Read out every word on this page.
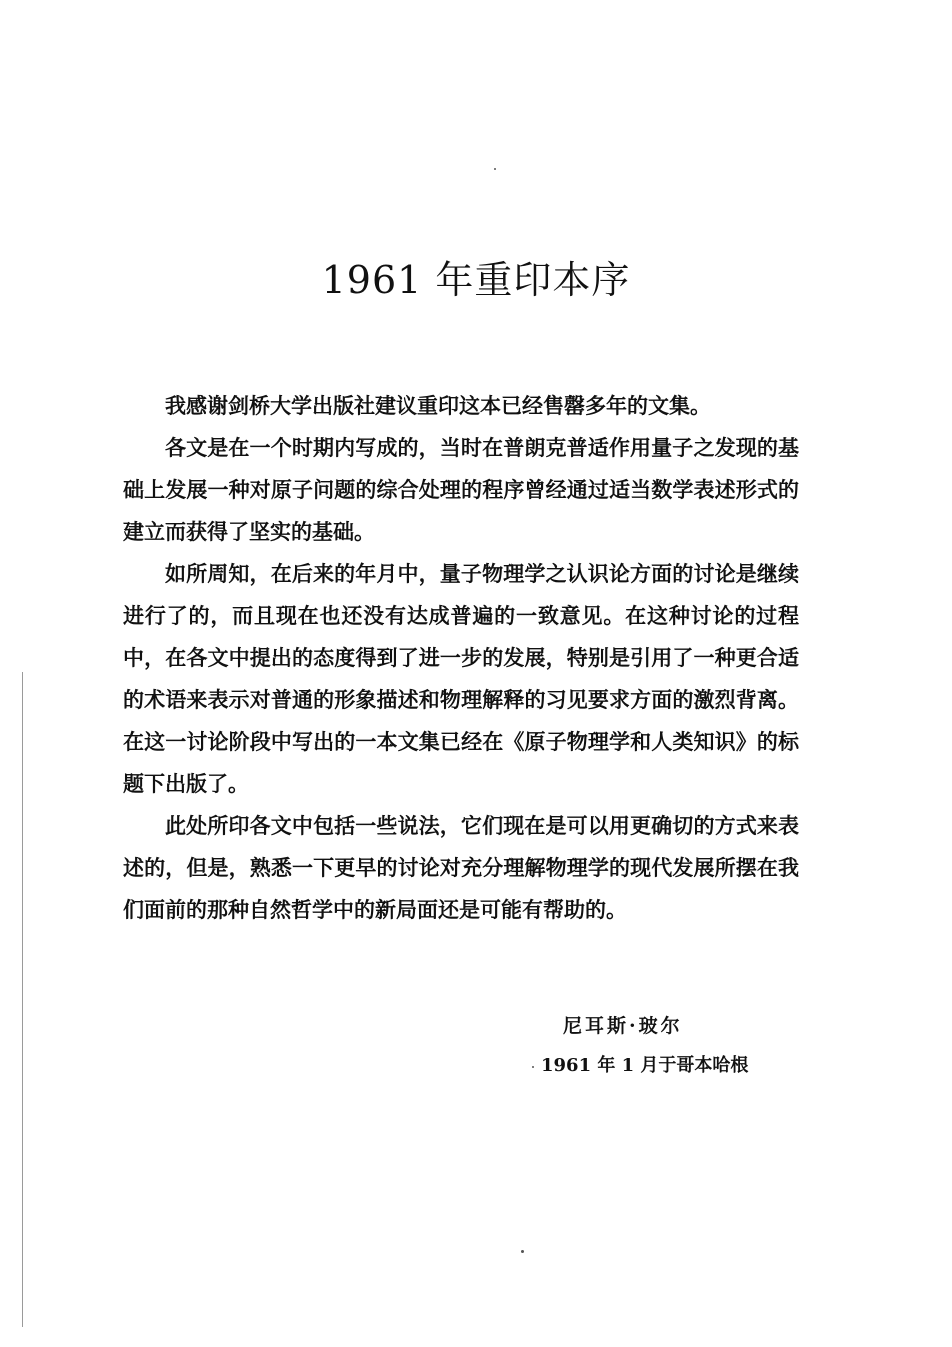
1961 年重印本序

我感谢剑桥大学出版社建议重印这本已经售罄多年的文集。

各文是在一个时期内写成的，当时在普朗克普适作用量子之发现的基础上发展一种对原子问题的综合处理的程序曾经通过适当数学表述形式的建立而获得了坚实的基础。

如所周知，在后来的年月中，量子物理学之认识论方面的讨论是继续进行了的，而且现在也还没有达成普遍的一致意见。在这种讨论的过程中，在各文中提出的态度得到了进一步的发展，特别是引用了一种更合适的术语来表示对普通的形象描述和物理解释的习见要求方面的激烈背离。在这一讨论阶段中写出的一本文集已经在《原子物理学和人类知识》的标题下出版了。

此处所印各文中包括一些说法，它们现在是可以用更确切的方式来表述的，但是，熟悉一下更早的讨论对充分理解物理学的现代发展所摆在我们面前的那种自然哲学中的新局面还是可能有帮助的。

尼耳斯·玻尔
1961 年 1 月于哥本哈根
